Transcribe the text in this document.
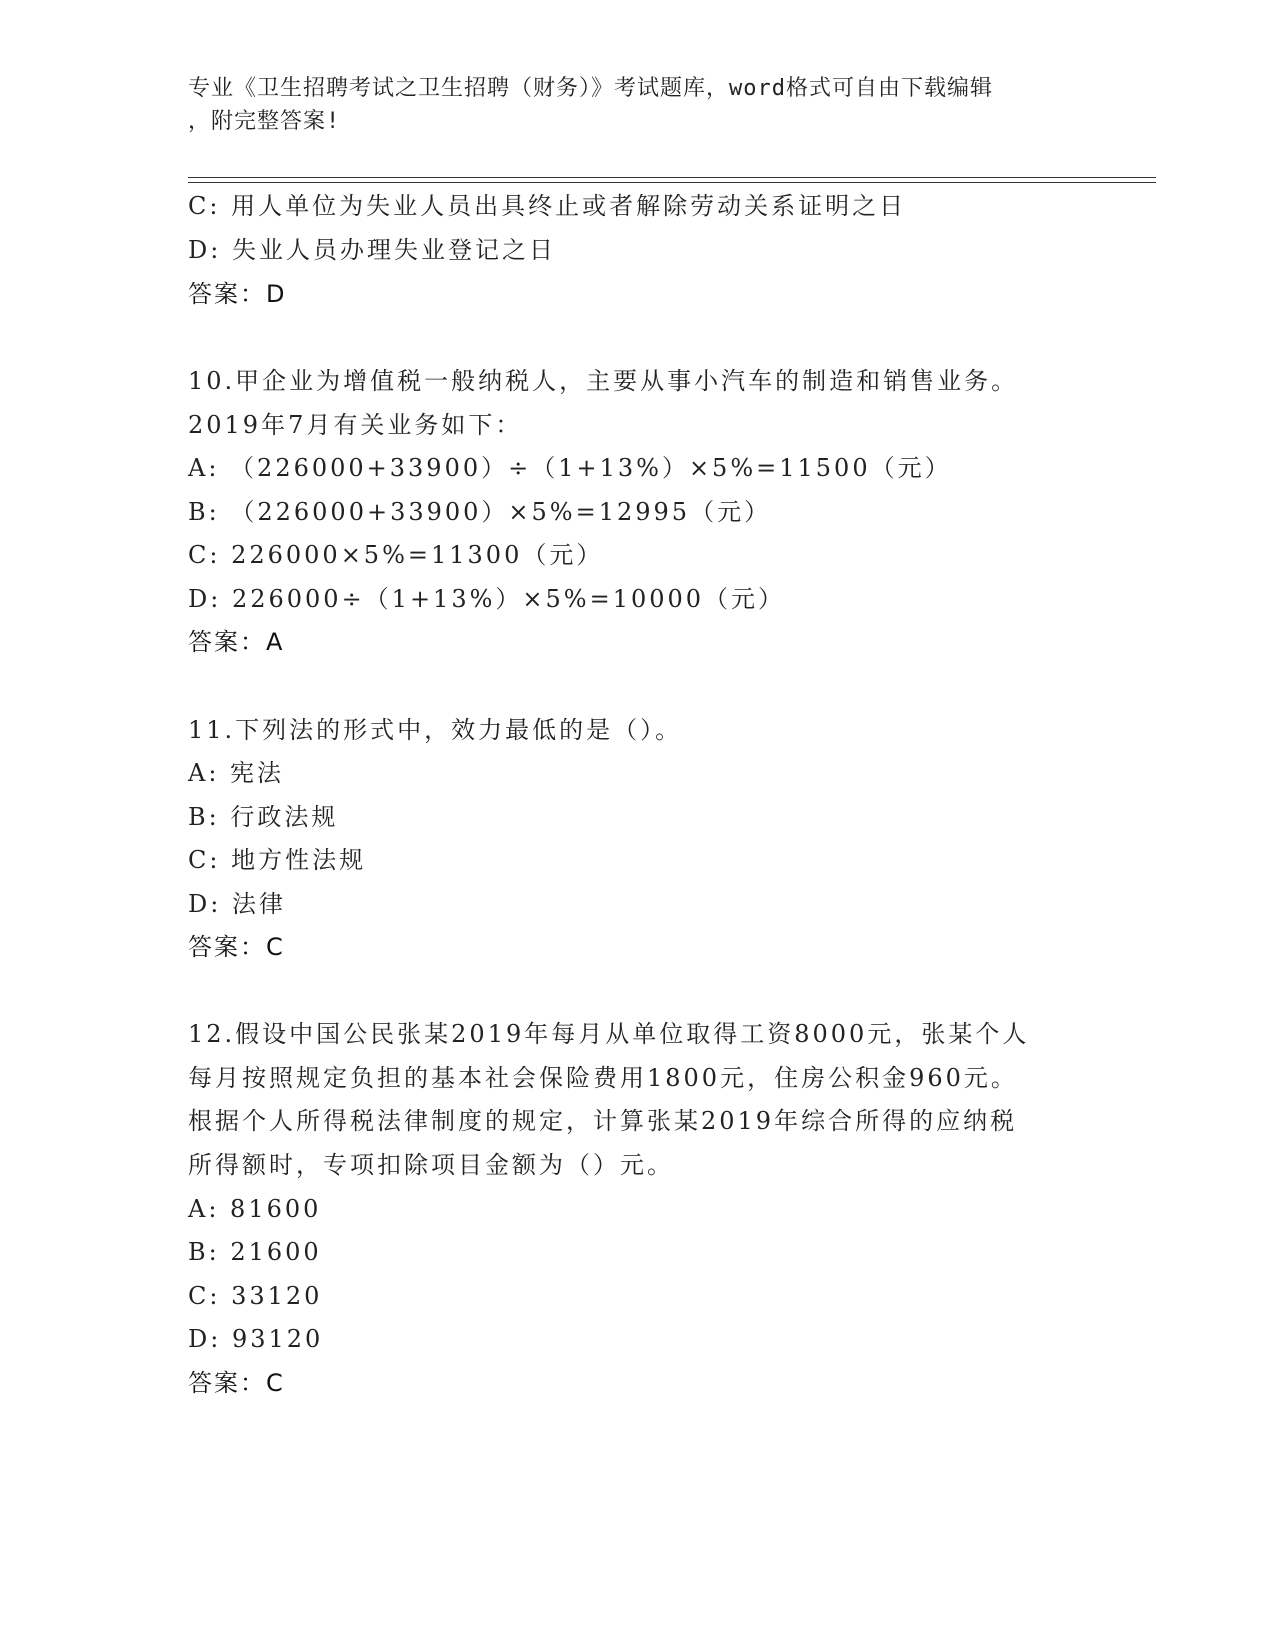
专业《卫生招聘考试之卫生招聘（财务）》考试题库，word格式可自由下载编辑
，附完整答案!
C: 用人单位为失业人员出具终止或者解除劳动关系证明之日
D: 失业人员办理失业登记之日
答案：D
10.甲企业为增值税一般纳税人，主要从事小汽车的制造和销售业务。
2019年7月有关业务如下：
A: （226000+33900）÷（1+13%）×5%=11500（元）
B: （226000+33900）×5%=12995（元）
C: 226000×5%=11300（元）
D: 226000÷（1+13%）×5%=10000（元）
答案：A
11.下列法的形式中，效力最低的是（）。
A: 宪法
B: 行政法规
C: 地方性法规
D: 法律
答案：C
12.假设中国公民张某2019年每月从单位取得工资8000元，张某个人
每月按照规定负担的基本社会保险费用1800元，住房公积金960元。
根据个人所得税法律制度的规定，计算张某2019年综合所得的应纳税
所得额时，专项扣除项目金额为（）元。
A: 81600
B: 21600
C: 33120
D: 93120
答案：C
